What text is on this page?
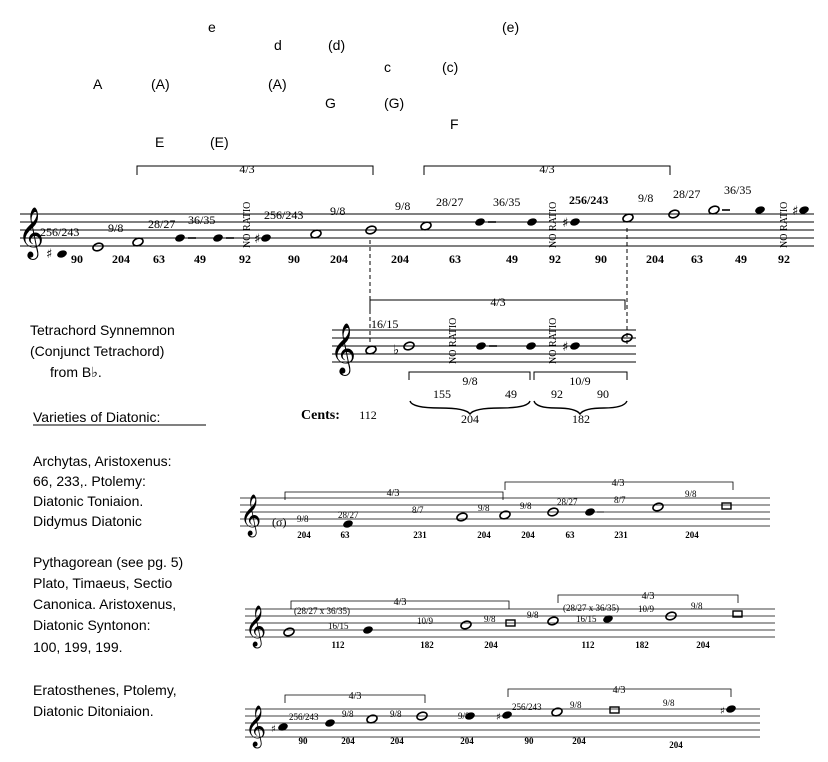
e	(e)
d	(d)
c	(c)
A	(A)	(A)
G	(G)
F
E	(E)
4/3	4/3
𝄞 ♯
♯
♯
♯
NO RATIO	NO RATIO	NO RATIO
256/243 9/8 28/27 36/35	256/243 9/8	9/8 28/27 36/35	256/243 9/8 28/27 36/35
90 204 63 49	92	90	204	204	63	49	92	90	204 63	49	92
Tetrachord Synnemnon
(Conjunct Tetrachord)
from B♭.
4/3
𝄞	♭	♯
16/15	NO RATIO	NO RATIO
9/8	10/9
155	49	92	90
Cents: 112	204	182
Varieties of Diatonic:
Archytas, Aristoxenus:
66, 233,. Ptolemy:
Diatonic Toniaion.
Didymus Diatonic
4/3
4/3
𝄞 (σ) 9/8	28/27	8/7	9/8	9/8	28/27	8/7
9/8
204	63	231	204	204	63	231	204
Pythagorean (see pg. 5)
Plato, Timaeus, Sectio
Canonica. Aristoxenus,
Diatonic Syntonon:
100, 199, 199.
4/3
4/3
𝄞	(28/27 x 36/35)
16/15	10/9	9/8	9/8
(28/27 x 36/35)
16/15
10/9	9/8
112	182	204	112	182	204
Eratosthenes, Ptolemy,
Diatonic Ditoniaion.
4/3
4/3
𝄞 ♯
♯
♯
256/243	9/8	9/8	9/8
256/243	9/8	9/8
90	204	204	204	90	204	204
